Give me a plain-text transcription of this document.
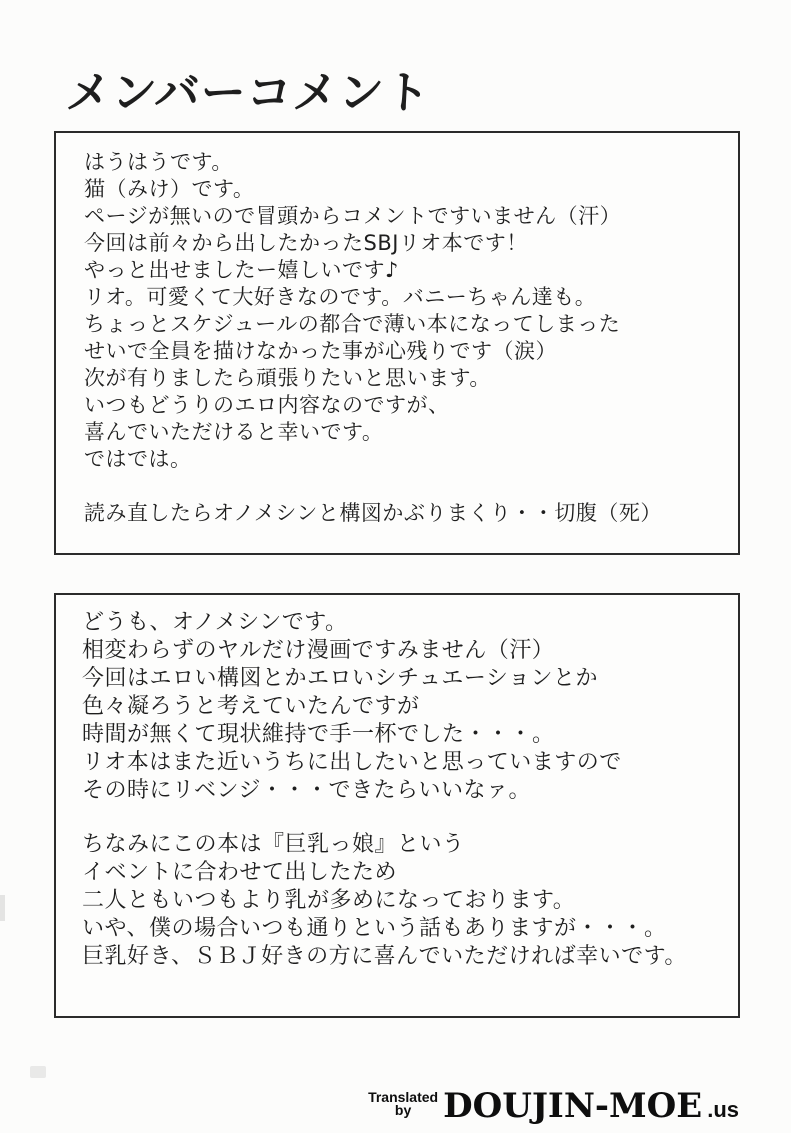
メンバーコメント

はうはうです。

猫（みけ）です。

ページが無いので冒頭からコメントですいません（汗）

今回は前々から出したかったSBJリオ本です！

やっと出せましたー嬉しいです♪

リオ。可愛くて大好きなのです。バニーちゃん達も。

ちょっとスケジュールの都合で薄い本になってしまった

せいで全員を描けなかった事が心残りです（涙）

次が有りましたら頑張りたいと思います。

いつもどうりのエロ内容なのですが、

喜んでいただけると幸いです。

ではでは。

読み直したらオノメシンと構図かぶりまくり・・切腹（死）

どうも、オノメシンです。

相変わらずのヤルだけ漫画ですみません（汗）

今回はエロい構図とかエロいシチュエーションとか

色々凝ろうと考えていたんですが

時間が無くて現状維持で手一杯でした・・・。

リオ本はまた近いうちに出したいと思っていますので

その時にリベンジ・・・できたらいいなァ。

ちなみにこの本は『巨乳っ娘』という

イベントに合わせて出したため

二人ともいつもより乳が多めになっております。

いや、僕の場合いつも通りという話もありますが・・・。

巨乳好き、ＳＢＪ好きの方に喜んでいただければ幸いです。

Translated
by DOUJIN-MOE .us
